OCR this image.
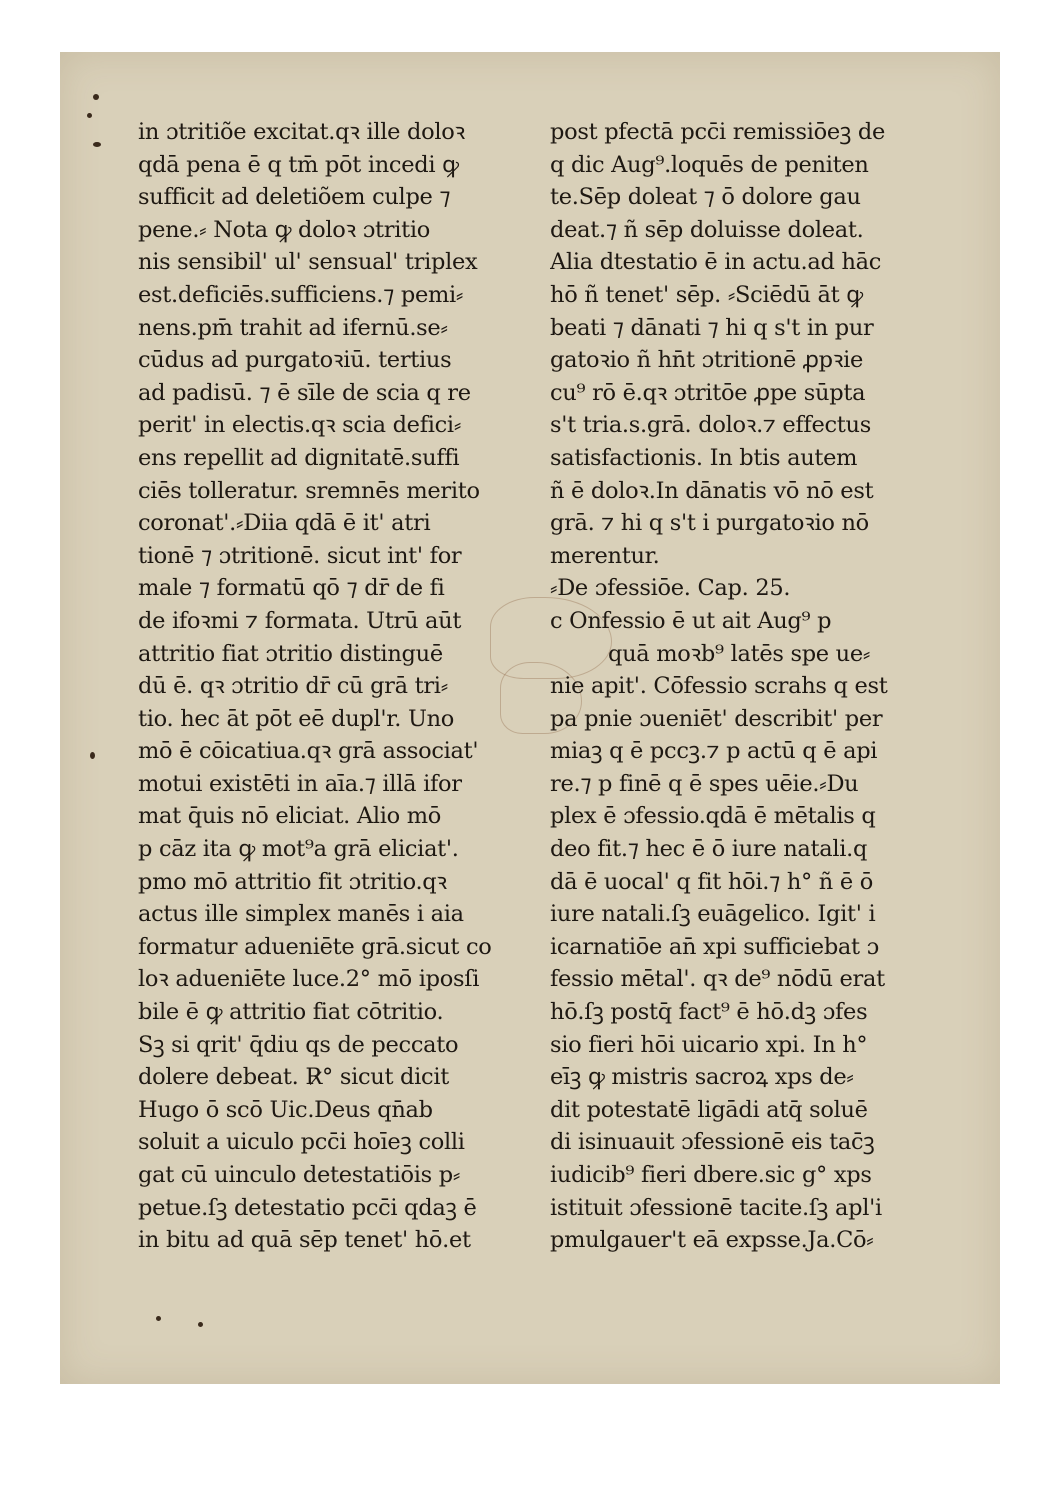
in ɔtritiõe excitat.qꝛ ille doloꝛ
qdā pena ē q tm̄ pōt incedi ꝙ
sufficit ad deletiõem culpe ⁊
pene.⸗ Nota ꝙ doloꝛ ɔtritio
nis sensibil' ul' sensual' triplex
est.deficiēs.sufficiens.⁊ pemi⸗
nens.pm̄ trahit ad ifernū.se⸗
cūdus ad purgatoꝛiū. tertius
ad padisū. ⁊ ē sīle de scia q re
perit' in electis.qꝛ scia defici⸗
ens repellit ad dignitatē.suffi
ciēs tolleratur. sremnēs merito
coronat'.⸗Diia qdā ē it' atri
tionē ⁊ ɔtritionē. sicut int' for
male ⁊ formatū qō ⁊ dr̄ de fi
de ifoꝛmi ⁊ formata. Utrū aūt
attritio fiat ɔtritio distinguē
dū ē. qꝛ ɔtritio dr̄ cū grā tri⸗
tio. hec āt pōt eē dupl'r. Uno
mō ē cōicatiua.qꝛ grā associat'
motui existēti in aīa.⁊ illā ifor
mat q̄uis nō eliciat. Alio mō
p cāz ita ꝙ mot⁹a grā eliciat'.
pmo mō attritio fit ɔtritio.qꝛ
actus ille simplex manēs i aia
formatur adueniēte grā.sicut co
loꝛ adueniēte luce.2° mō iposſi
bile ē ꝙ attritio fiat cōtritio.
Sꝫ si qrit' q̄diu qs de peccato
dolere debeat. R̷° sicut dicit
Hugo ō scō Uic.Deus qn̄ab
soluit a uiculo pcc̄i hoīeꝫ colli
gat cū uinculo detestatiōis p⸗
petue.ſꝫ detestatio pcc̄i qdaꝫ ē
in bitu ad quā sēp tenet' hō.et
post pfectā pcc̄i remissiōeꝫ de
q dic Aug⁹.loquēs de peniten
te.Sēp doleat ⁊ ō dolore gau
deat.⁊ ñ sēp doluisse doleat.
Alia dtestatio ē in actu.ad hāc
hō ñ tenet' sēp. ⸗Sciēdū āt ꝙ
beati ⁊ dānati ⁊ hi q s't in pur
gatoꝛio ñ hn̄t ɔtritionē ꝓpꝛie
cu⁹ rō ē.qꝛ ɔtritōe ꝓpe sūpta
s't tria.s.grā. doloꝛ.⁊ effectus
satisfactionis. In btis autem
ñ ē doloꝛ.In dānatis vō nō est
grā. ⁊ hi q s't i purgatoꝛio nō
merentur.
⸗De ɔfessiōe. Cap. 25.
c Onfessio ē ut ait Aug⁹ p
quā moꝛb⁹ latēs spe ue⸗
nie apit'. Cōfessio scrahs q est
pa pnie ɔueniēt' describit' per
miaꝫ q ē pccꝫ.⁊ p actū q ē api
re.⁊ p finē q ē spes uēie.⸗Du
plex ē ɔfessio.qdā ē mētalis q
deo fit.⁊ hec ē ō iure natali.q
dā ē uocal' q fit hōi.⁊ h° ñ ē ō
iure natali.ſꝫ euāgelico. Igit' i
icarnatiōe an̄ xpi sufficiebat ɔ
fessio mētal'. qꝛ de⁹ nōdū erat
hō.ſꝫ postq̄ fact⁹ ē hō.dꝫ ɔfes
sio fieri hōi uicario xpi. In h°
eīꝫ ꝙ mistris sacroꝝ xps de⸗
dit potestatē ligādi atq̄ soluē
di isinuauit ɔfessionē eis tac̄ꝫ
iudicib⁹ fieri dbere.sic g° xps
istituit ɔfessionē tacite.ſꝫ apl'i
pmulgauer't eā expsse.Ja.Cō⸗
